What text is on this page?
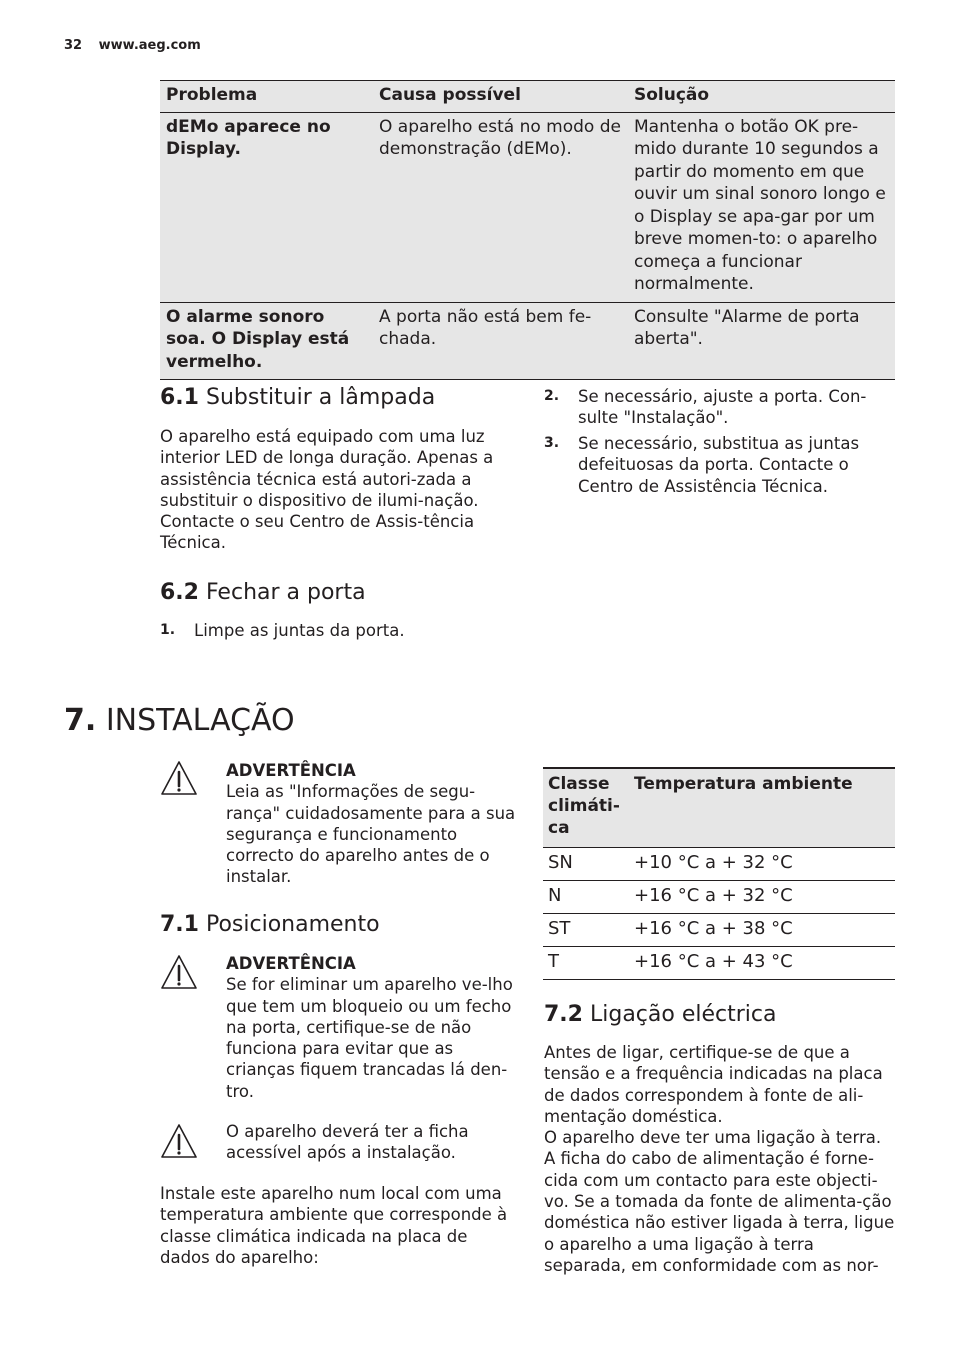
32 www.aeg.com
Problema	Causa possível	Solução
dEMo aparece no Display.	O aparelho está no modo de demonstração (dEMo).	Mantenha o botão OK pre-mido durante 10 segundos a partir do momento em que ouvir um sinal sonoro longo e o Display se apa-gar por um breve momen-to: o aparelho começa a funcionar normalmente.
O alarme sonoro soa. O Display está vermelho.	A porta não está bem fe-chada.	Consulte "Alarme de porta aberta".
6.1 Substituir a lâmpada

O aparelho está equipado com uma luz interior LED de longa duração. Apenas a assistência técnica está autori-zada a substituir o dispositivo de ilumi-nação. Contacte o seu Centro de Assis-tência Técnica.

6.2 Fechar a porta
1. Limpe as juntas da porta.
2. Se necessário, ajuste a porta. Con-sulte "Instalação".
3. Se necessário, substitua as juntas defeituosas da porta. Contacte o Centro de Assistência Técnica.
7. INSTALAÇÃO
ADVERTÊNCIA
Leia as "Informações de segu-rança" cuidadosamente para a sua segurança e funcionamento correcto do aparelho antes de o instalar.
7.1 Posicionamento
ADVERTÊNCIA
Se for eliminar um aparelho ve-lho que tem um bloqueio ou um fecho na porta, certifique-se de não funciona para evitar que as crianças fiquem trancadas lá den-tro.
O aparelho deverá ter a ficha acessível após a instalação.

Instale este aparelho num local com uma temperatura ambiente que corresponde à classe climática indicada na placa de dados do aparelho:

Classe climáti-ca	Temperatura ambiente
SN	+10 °C a + 32 °C
N	+16 °C a + 32 °C
ST	+16 °C a + 38 °C
T	+16 °C a + 43 °C
7.2 Ligação eléctrica
Antes de ligar, certifique-se de que a tensão e a frequência indicadas na placa de dados correspondem à fonte de ali-mentação doméstica.
O aparelho deve ter uma ligação à terra. A ficha do cabo de alimentação é forne-cida com um contacto para este objecti-vo. Se a tomada da fonte de alimenta-ção doméstica não estiver ligada à terra, ligue o aparelho a uma ligação à terra separada, em conformidade com as nor-
